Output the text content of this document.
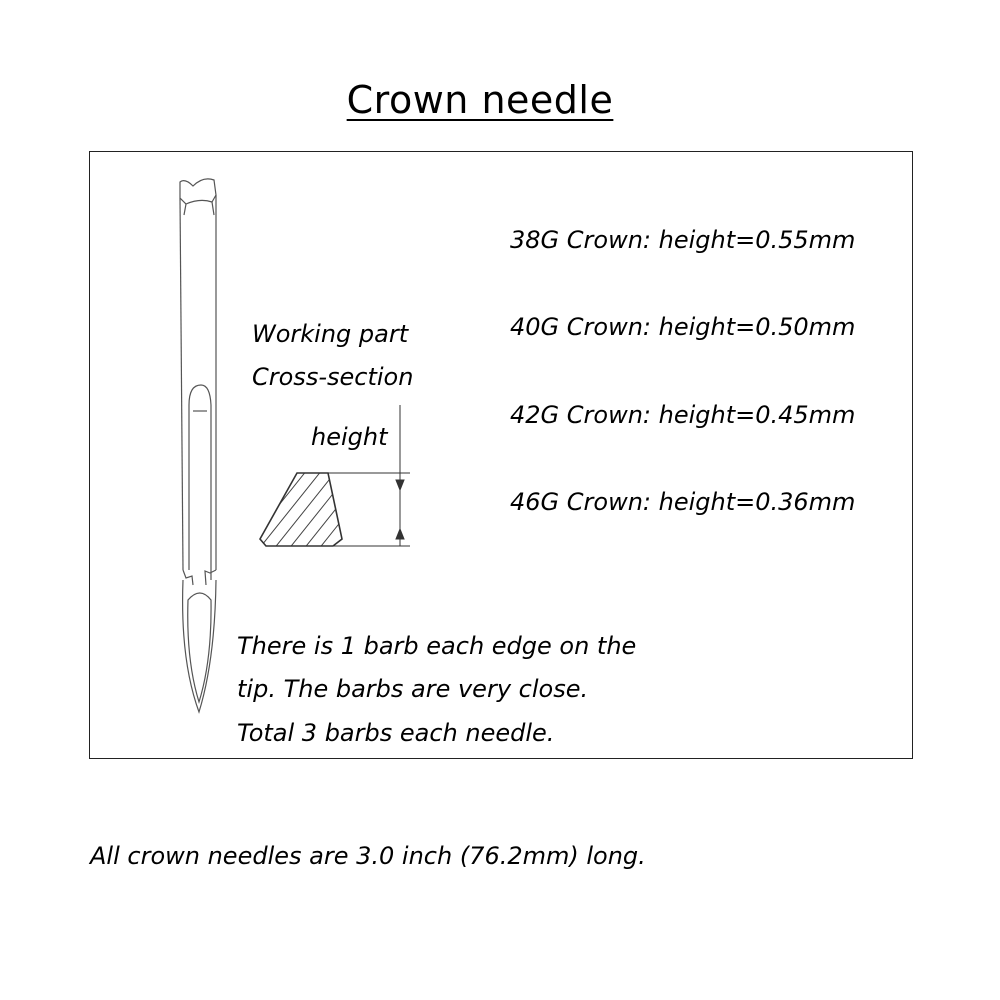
Crown needle
Working part
Cross-section
height
38G Crown: height=0.55mm
40G Crown: height=0.50mm
42G Crown: height=0.45mm
46G Crown: height=0.36mm
There is 1 barb each edge on the
tip. The barbs are very close.
Total 3 barbs each needle.
All crown needles are 3.0 inch (76.2mm) long.
